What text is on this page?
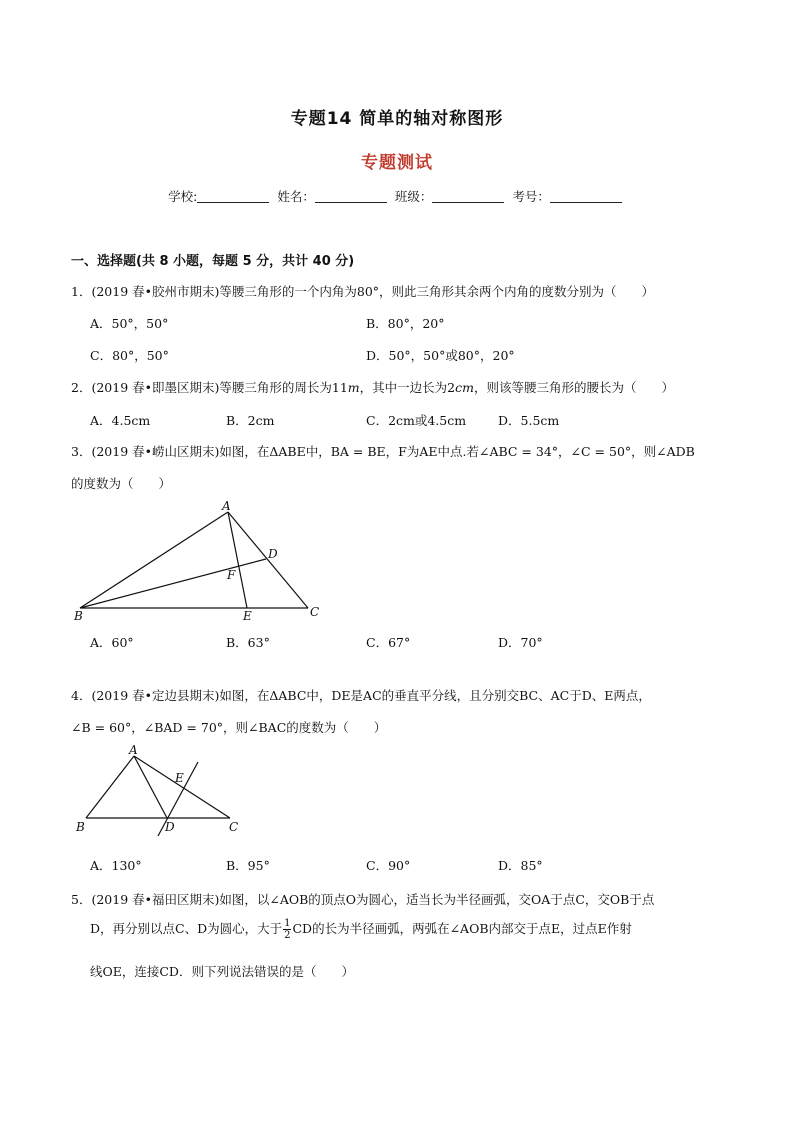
专题14 简单的轴对称图形
专题测试
学校:	姓名：	班级：	考号：
一、选择题(共 8 小题，每题 5 分，共计 40 分)
1．(2019 春•胶州市期末)等腰三角形的一个内角为80°，则此三角形其余两个内角的度数分别为（　　）
A．50°，50°	B．80°，20°
C．80°，50°	D．50°，50°或80°，20°
2．(2019 春•即墨区期末)等腰三角形的周长为11m，其中一边长为2cm，则该等腰三角形的腰长为（　　）
A．4.5cm	B．2cm	C．2cm或4.5cm	D．5.5cm
3．(2019 春•崂山区期末)如图，在ΔABE中，BA = BE，F为AE中点.若∠ABC = 34°，∠C = 50°，则∠ADB
的度数为（　　）
A
B	C
D
E
F
A．60°	B．63°	C．67°	D．70°
4．(2019 春•定边县期末)如图，在ΔABC中，DE是AC的垂直平分线，且分别交BC、AC于D、E两点，
∠B = 60°，∠BAD = 70°，则∠BAC的度数为（　　）
A
B	C
D
E
A．130°	B．95°	C．90°	D．85°
5．(2019 春•福田区期末)如图，以∠AOB的顶点O为圆心，适当长为半径画弧，交OA于点C，交OB于点
D，再分别以点C、D为圆心，大于 $\frac{1}{2}$ CD的长为半径画弧，两弧在∠AOB内部交于点E，过点E作射
线OE，连接CD．则下列说法错误的是（　　）
